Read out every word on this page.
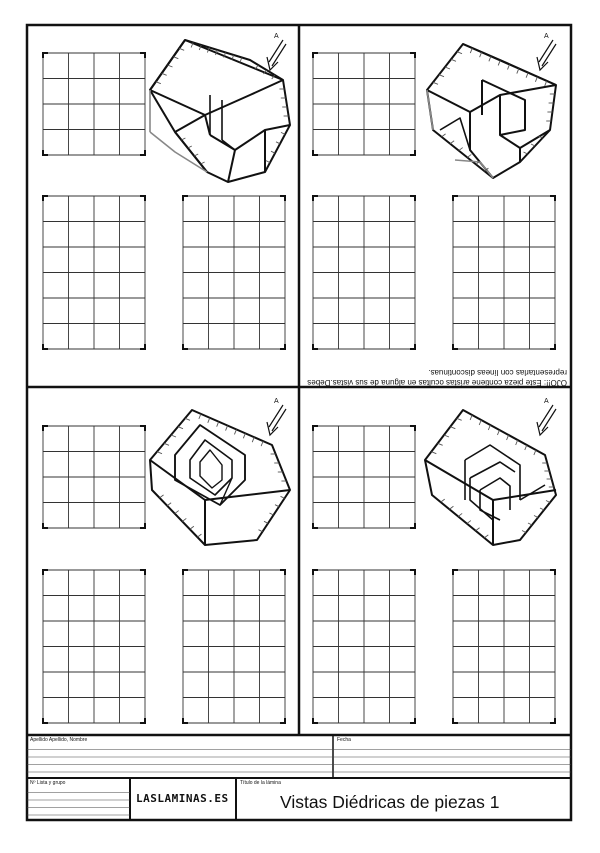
A	A
A	A
OJO!!: Este pieza contiene aristas ocultas en alguna de sus vistas.Debes representarlas con líneas discontinuas.
Apellido Apellido, Nombre	Fecha
Nº Lista y grupo
LASLAMINAS.ES
Título de la lámina
Vistas Diédricas de piezas 1
